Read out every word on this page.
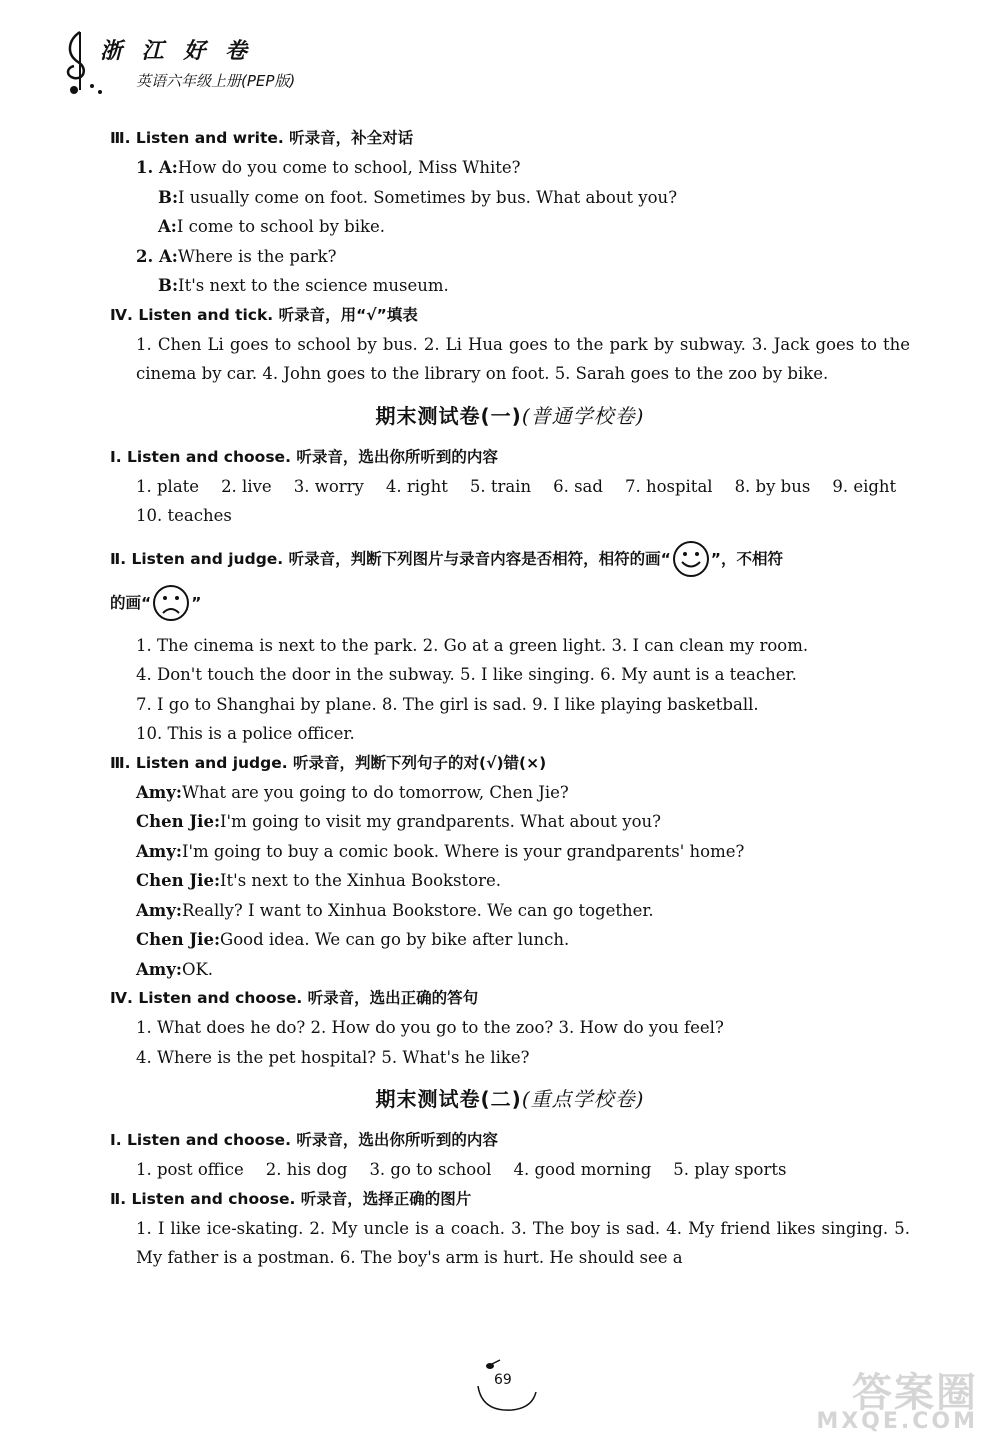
浙 江 好 卷
英语六年级上册(PEP版)
Ⅲ. Listen and write. 听录音，补全对话
1. A:How do you come to school, Miss White?
B:I usually come on foot. Sometimes by bus. What about you?
A:I come to school by bike.
2. A:Where is the park?
B:It's next to the science museum.
Ⅳ. Listen and tick. 听录音，用“√”填表
1. Chen Li goes to school by bus. 2. Li Hua goes to the park by subway. 3. Jack goes to the cinema by car. 4. John goes to the library on foot. 5. Sarah goes to the zoo by bike.
期末测试卷(一)(普通学校卷)
Ⅰ. Listen and choose. 听录音，选出你所听到的内容
1. plate 2. live 3. worry 4. right 5. train 6. sad 7. hospital 8. by bus 9. eight
10. teaches
Ⅱ. Listen and judge. 听录音，判断下列图片与录音内容是否相符，相符的画“	”，不相符
的画“	”
1. The cinema is next to the park. 2. Go at a green light. 3. I can clean my room.
4. Don't touch the door in the subway. 5. I like singing. 6. My aunt is a teacher.
7. I go to Shanghai by plane. 8. The girl is sad. 9. I like playing basketball.
10. This is a police officer.
Ⅲ. Listen and judge. 听录音，判断下列句子的对(√)错(×)
Amy:What are you going to do tomorrow, Chen Jie?
Chen Jie:I'm going to visit my grandparents. What about you?
Amy:I'm going to buy a comic book. Where is your grandparents' home?
Chen Jie:It's next to the Xinhua Bookstore.
Amy:Really? I want to Xinhua Bookstore. We can go together.
Chen Jie:Good idea. We can go by bike after lunch.
Amy:OK.
Ⅳ. Listen and choose. 听录音，选出正确的答句
1. What does he do? 2. How do you go to the zoo? 3. How do you feel?
4. Where is the pet hospital? 5. What's he like?
期末测试卷(二)(重点学校卷)
Ⅰ. Listen and choose. 听录音，选出你所听到的内容
1. post office 2. his dog 3. go to school 4. good morning 5. play sports
Ⅱ. Listen and choose. 听录音，选择正确的图片
1. I like ice-skating. 2. My uncle is a coach. 3. The boy is sad. 4. My friend likes singing. 5. My father is a postman. 6. The boy's arm is hurt. He should see a
69	答案圈
MXQE.COM
